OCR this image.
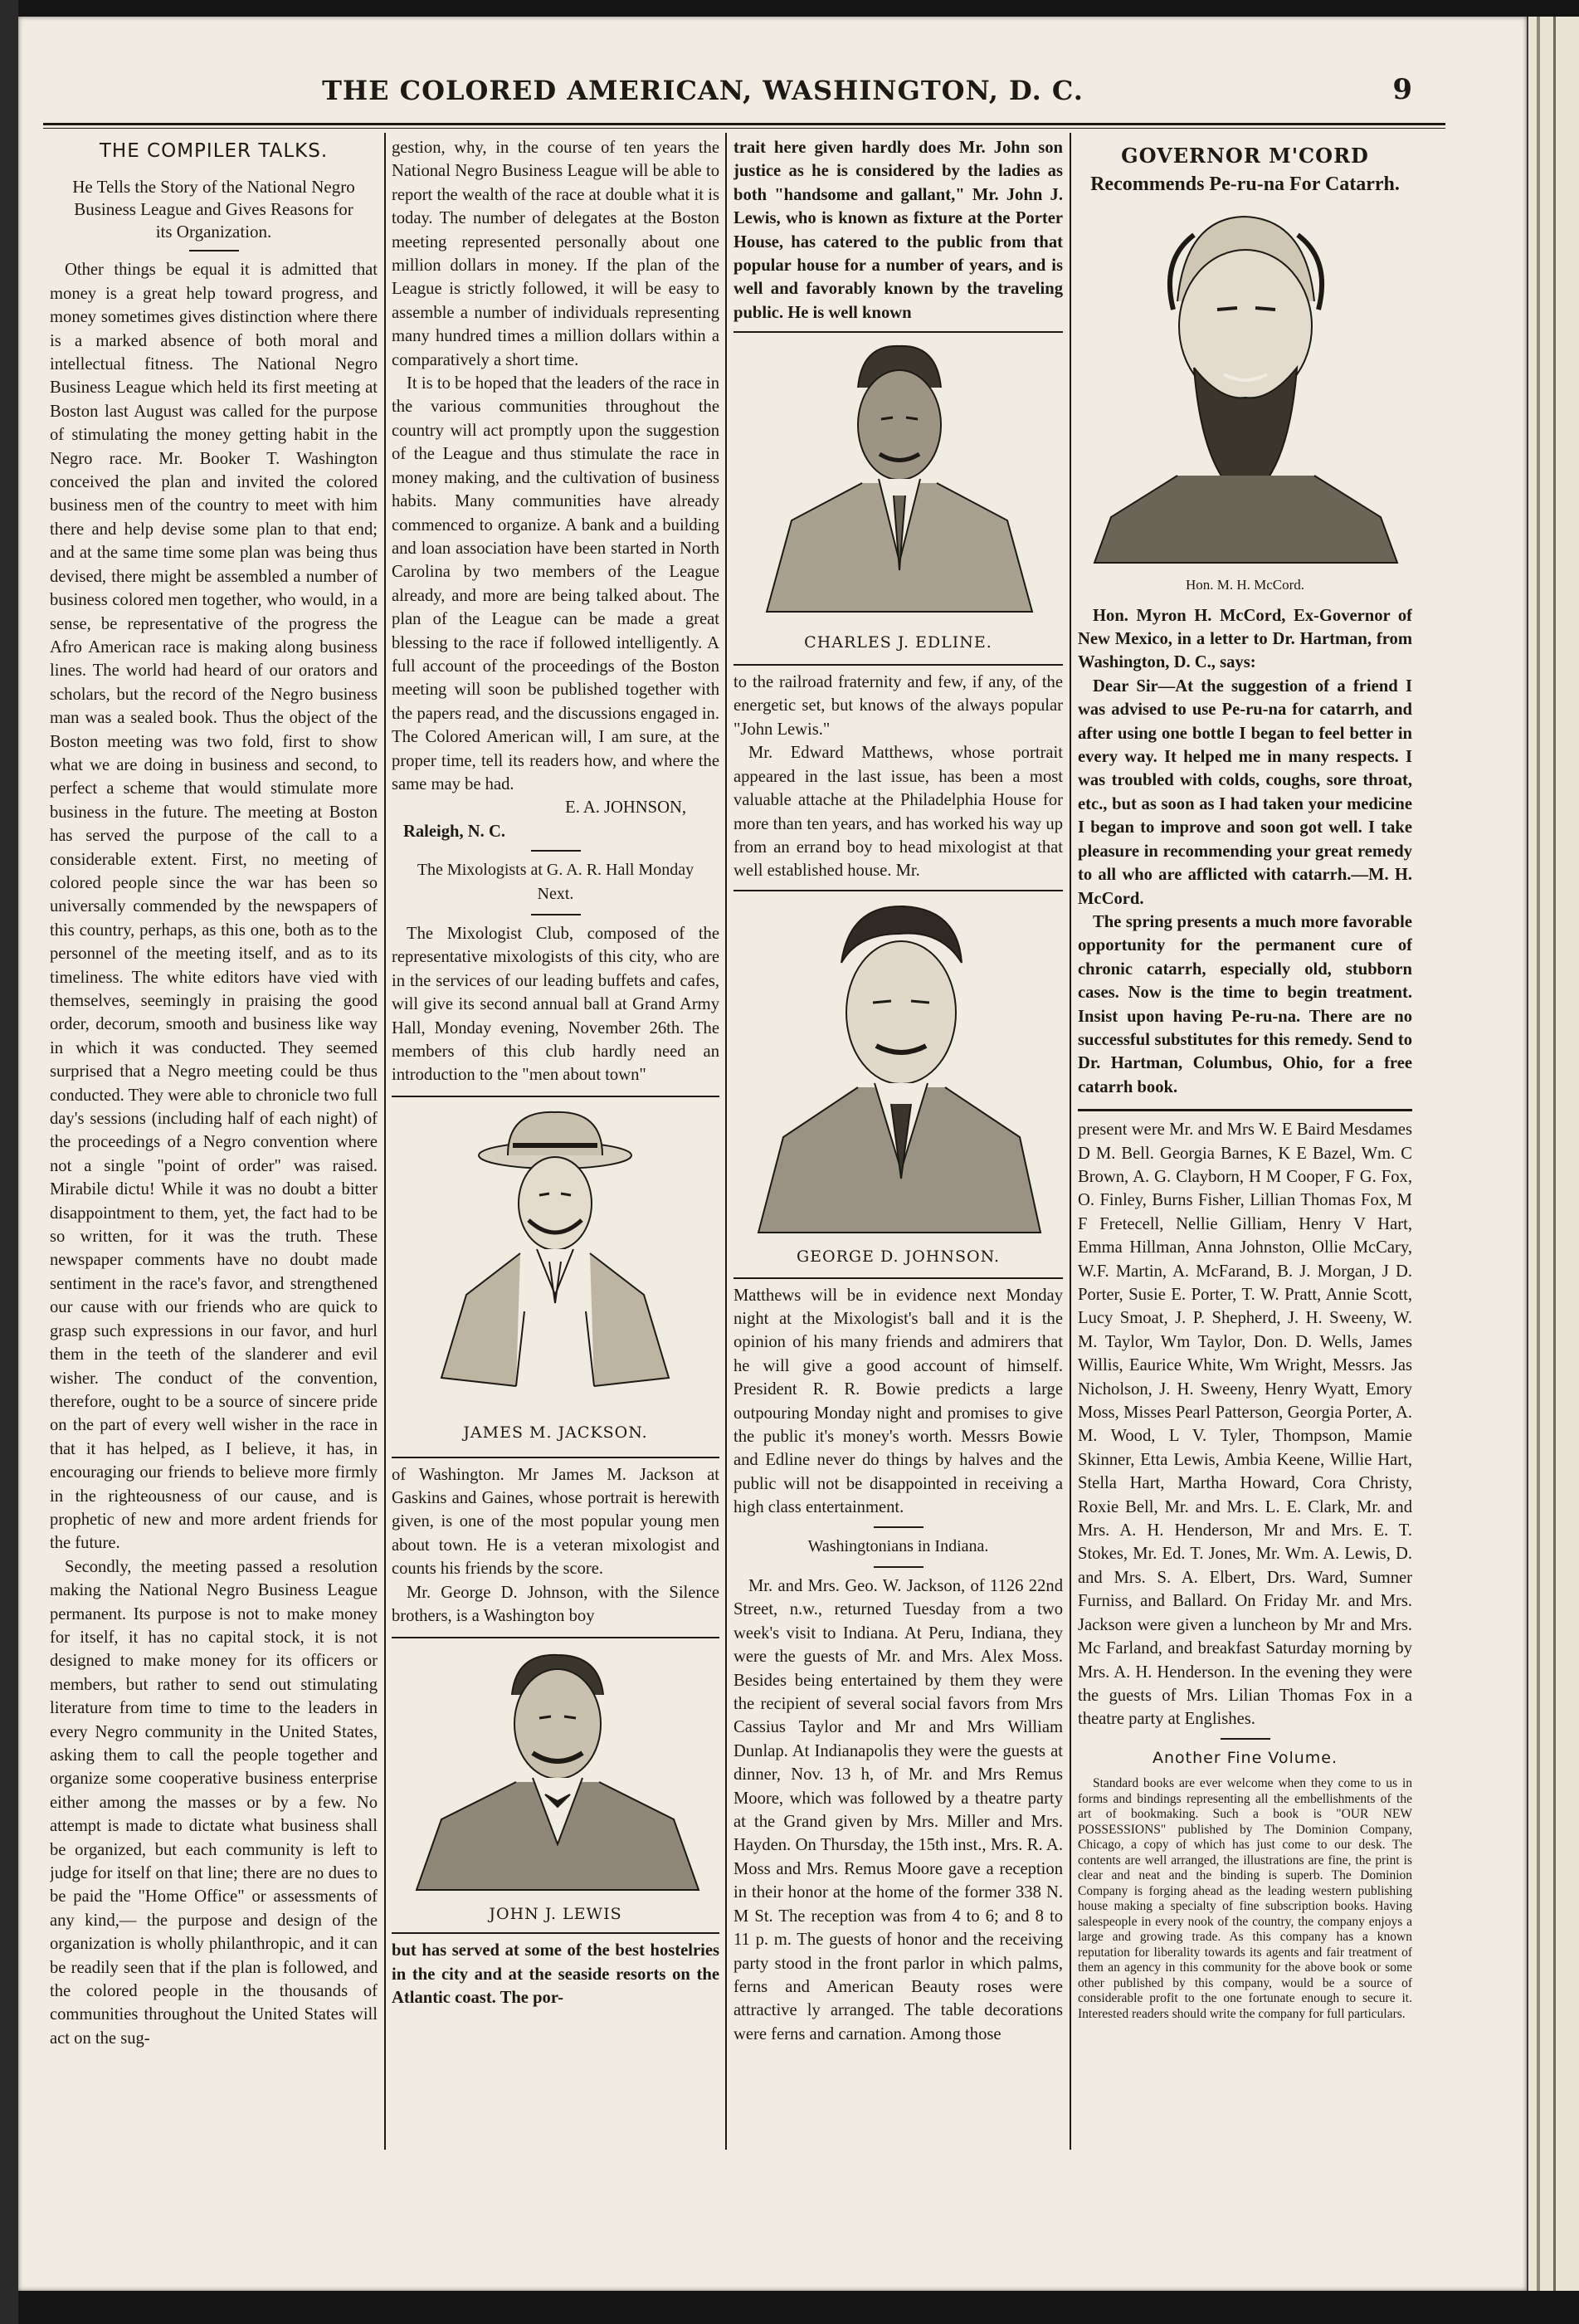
THE COLORED AMERICAN, WASHINGTON, D. C.	9
THE COMPILER TALKS.
He Tells the Story of the National Negro Business League and Gives Reasons for its Organization.

Other things be equal it is admitted that money is a great help toward progress, and money sometimes gives distinction where there is a marked absence of both moral and intellectual fitness. The National Negro Business League which held its first meeting at Boston last August was called for the purpose of stimulating the money getting habit in the Negro race. Mr. Booker T. Washington conceived the plan and invited the colored business men of the country to meet with him there and help devise some plan to that end; and at the same time some plan was being thus devised, there might be assembled a number of business colored men together, who would, in a sense, be representative of the progress the Afro American race is making along business lines. The world had heard of our orators and scholars, but the record of the Negro business man was a sealed book. Thus the object of the Boston meeting was two fold, first to show what we are doing in business and second, to perfect a scheme that would stimulate more business in the future. The meeting at Boston has served the purpose of the call to a considerable extent. First, no meeting of colored people since the war has been so universally commended by the newspapers of this country, perhaps, as this one, both as to the personnel of the meeting itself, and as to its timeliness. The white editors have vied with themselves, seemingly in praising the good order, decorum, smooth and business like way in which it was conducted. They seemed surprised that a Negro meeting could be thus conducted. They were able to chronicle two full day's sessions (including half of each night) of the proceedings of a Negro convention where not a single "point of order" was raised. Mirabile dictu! While it was no doubt a bitter disappointment to them, yet, the fact had to be so written, for it was the truth. These newspaper comments have no doubt made sentiment in the race's favor, and strengthened our cause with our friends who are quick to grasp such expressions in our favor, and hurl them in the teeth of the slanderer and evil wisher. The conduct of the convention, therefore, ought to be a source of sincere pride on the part of every well wisher in the race in that it has helped, as I believe, it has, in encouraging our friends to believe more firmly in the righteousness of our cause, and is prophetic of new and more ardent friends for the future.

Secondly, the meeting passed a resolution making the National Negro Business League permanent. Its purpose is not to make money for itself, it has no capital stock, it is not designed to make money for its officers or members, but rather to send out stimulating literature from time to time to the leaders in every Negro community in the United States, asking them to call the people together and organize some cooperative business enterprise either among the masses or by a few. No attempt is made to dictate what business shall be organized, but each community is left to judge for itself on that line; there are no dues to be paid the "Home Office" or assessments of any kind,— the purpose and design of the organization is wholly philanthropic, and it can be readily seen that if the plan is followed, and the colored people in the thousands of communities throughout the United States will act on the sug-

gestion, why, in the course of ten years the National Negro Business League will be able to report the wealth of the race at double what it is today. The number of delegates at the Boston meeting represented personally about one million dollars in money. If the plan of the League is strictly followed, it will be easy to assemble a number of individuals representing many hundred times a million dollars within a comparatively a short time.

It is to be hoped that the leaders of the race in the various communities throughout the country will act promptly upon the suggestion of the League and thus stimulate the race in money making, and the cultivation of business habits. Many communities have already commenced to organize. A bank and a building and loan association have been started in North Carolina by two members of the League already, and more are being talked about. The plan of the League can be made a great blessing to the race if followed intelligently. A full account of the proceedings of the Boston meeting will soon be published together with the papers read, and the discussions engaged in. The Colored American will, I am sure, at the proper time, tell its readers how, and where the same may be had.

E. A. JOHNSON,
Raleigh, N. C.
The Mixologists at G. A. R. Hall Monday Next.

The Mixologist Club, composed of the representative mixologists of this city, who are in the services of our leading buffets and cafes, will give its second annual ball at Grand Army Hall, Monday evening, November 26th. The members of this club hardly need an introduction to the "men about town"

JAMES M. JACKSON.

of Washington. Mr James M. Jackson at Gaskins and Gaines, whose portrait is herewith given, is one of the most popular young men about town. He is a veteran mixologist and counts his friends by the score.

Mr. George D. Johnson, with the Silence brothers, is a Washington boy

JOHN J. LEWIS

but has served at some of the best hostelries in the city and at the seaside resorts on the Atlantic coast. The por-

trait here given hardly does Mr. John son justice as he is considered by the ladies as both "handsome and gallant," Mr. John J. Lewis, who is known as fixture at the Porter House, has catered to the public from that popular house for a number of years, and is well and favorably known by the traveling public. He is well known

CHARLES J. EDLINE.

to the railroad fraternity and few, if any, of the energetic set, but knows of the always popular "John Lewis."

Mr. Edward Matthews, whose portrait appeared in the last issue, has been a most valuable attache at the Philadelphia House for more than ten years, and has worked his way up from an errand boy to head mixologist at that well established house. Mr.

GEORGE D. JOHNSON.

Matthews will be in evidence next Monday night at the Mixologist's ball and it is the opinion of his many friends and admirers that he will give a good account of himself. President R. R. Bowie predicts a large outpouring Monday night and promises to give the public it's money's worth. Messrs Bowie and Edline never do things by halves and the public will not be disappointed in receiving a high class entertainment.

Washingtonians in Indiana.

Mr. and Mrs. Geo. W. Jackson, of 1126 22nd Street, n.w., returned Tuesday from a two week's visit to Indiana. At Peru, Indiana, they were the guests of Mr. and Mrs. Alex Moss. Besides being entertained by them they were the recipient of several social favors from Mrs Cassius Taylor and Mr and Mrs William Dunlap. At Indianapolis they were the guests at dinner, Nov. 13 h, of Mr. and Mrs Remus Moore, which was followed by a theatre party at the Grand given by Mrs. Miller and Mrs. Hayden. On Thursday, the 15th inst., Mrs. R. A. Moss and Mrs. Remus Moore gave a reception in their honor at the home of the former 338 N. M St. The reception was from 4 to 6; and 8 to 11 p. m. The guests of honor and the receiving party stood in the front parlor in which palms, ferns and American Beauty roses were attractive ly arranged. The table decorations were ferns and carnation. Among those

GOVERNOR M'CORD
Recommends Pe-ru-na For Catarrh.
Hon. M. H. McCord.

Hon. Myron H. McCord, Ex-Governor of New Mexico, in a letter to Dr. Hartman, from Washington, D. C., says:

Dear Sir—At the suggestion of a friend I was advised to use Pe-ru-na for catarrh, and after using one bottle I began to feel better in every way. It helped me in many respects. I was troubled with colds, coughs, sore throat, etc., but as soon as I had taken your medicine I began to improve and soon got well. I take pleasure in recommending your great remedy to all who are afflicted with catarrh.—M. H. McCord.

The spring presents a much more favorable opportunity for the permanent cure of chronic catarrh, especially old, stubborn cases. Now is the time to begin treatment. Insist upon having Pe-ru-na. There are no successful substitutes for this remedy. Send to Dr. Hartman, Columbus, Ohio, for a free catarrh book.

present were Mr. and Mrs W. E Baird Mesdames D M. Bell. Georgia Barnes, K E Bazel, Wm. C Brown, A. G. Clayborn, H M Cooper, F G. Fox, O. Finley, Burns Fisher, Lillian Thomas Fox, M F Fretecell, Nellie Gilliam, Henry V Hart, Emma Hillman, Anna Johnston, Ollie McCary, W.F. Martin, A. McFarand, B. J. Morgan, J D. Porter, Susie E. Porter, T. W. Pratt, Annie Scott, Lucy Smoat, J. P. Shepherd, J. H. Sweeny, W. M. Taylor, Wm Taylor, Don. D. Wells, James Willis, Eaurice White, Wm Wright, Messrs. Jas Nicholson, J. H. Sweeny, Henry Wyatt, Emory Moss, Misses Pearl Patterson, Georgia Porter, A. M. Wood, L V. Tyler, Thompson, Mamie Skinner, Etta Lewis, Ambia Keene, Willie Hart, Stella Hart, Martha Howard, Cora Christy, Roxie Bell, Mr. and Mrs. L. E. Clark, Mr. and Mrs. A. H. Henderson, Mr and Mrs. E. T. Stokes, Mr. Ed. T. Jones, Mr. Wm. A. Lewis, D. and Mrs. S. A. Elbert, Drs. Ward, Sumner Furniss, and Ballard. On Friday Mr. and Mrs. Jackson were given a luncheon by Mr and Mrs. Mc Farland, and breakfast Saturday morning by Mrs. A. H. Henderson. In the evening they were the guests of Mrs. Lilian Thomas Fox in a theatre party at Englishes.

Another Fine Volume.

Standard books are ever welcome when they come to us in forms and bindings representing all the embellishments of the art of bookmaking. Such a book is "OUR NEW POSSESSIONS" published by The Dominion Company, Chicago, a copy of which has just come to our desk. The contents are well arranged, the illustrations are fine, the print is clear and neat and the binding is superb. The Dominion Company is forging ahead as the leading western publishing house making a specialty of fine subscription books. Having salespeople in every nook of the country, the company enjoys a large and growing trade. As this company has a known reputation for liberality towards its agents and fair treatment of them an agency in this community for the above book or some other published by this company, would be a source of considerable profit to the one fortunate enough to secure it. Interested readers should write the company for full particulars.
